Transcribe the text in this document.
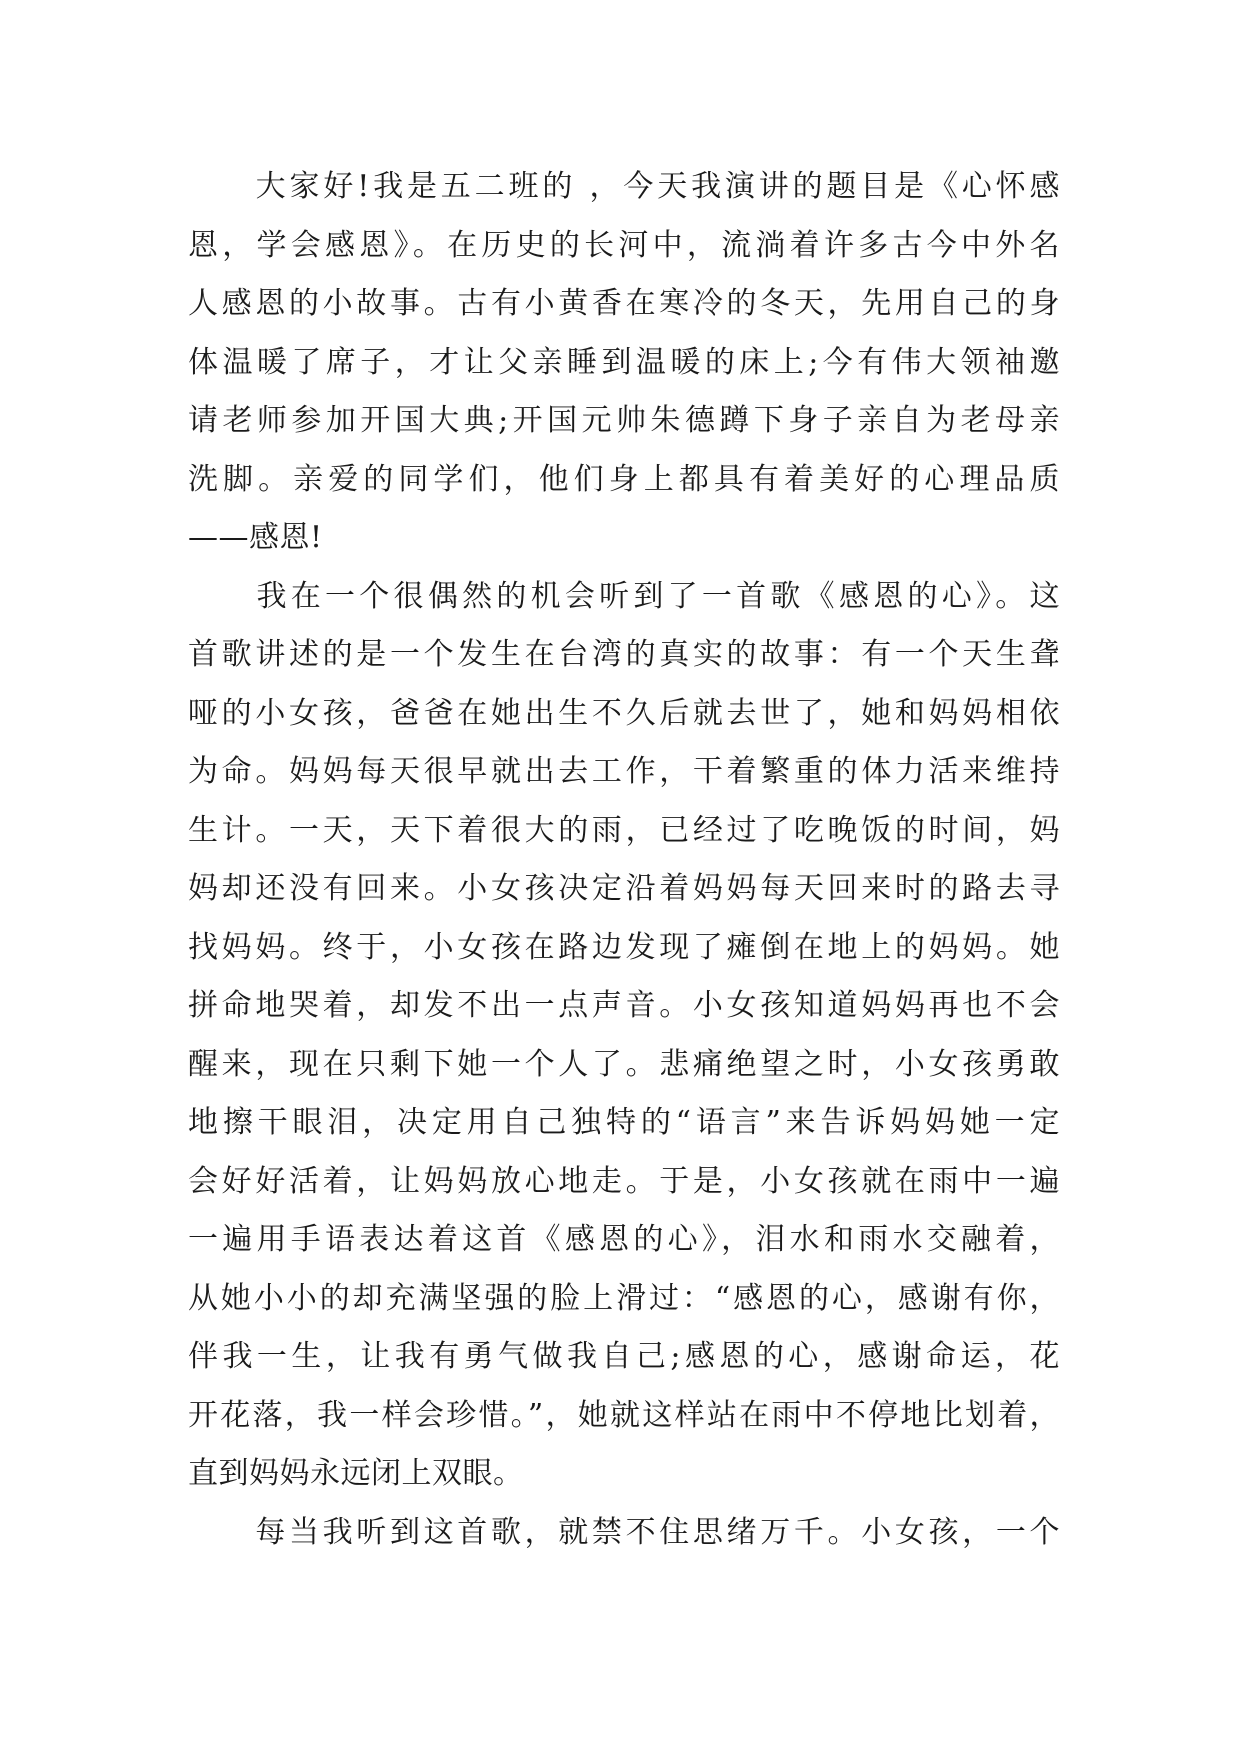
　　大家好!我是五二班的 ，今天我演讲的题目是《心怀感
恩，学会感恩》。在历史的长河中，流淌着许多古今中外名
人感恩的小故事。古有小黄香在寒冷的冬天，先用自己的身
体温暖了席子，才让父亲睡到温暖的床上;今有伟大领袖邀
请老师参加开国大典;开国元帅朱德蹲下身子亲自为老母亲
洗脚。亲爱的同学们，他们身上都具有着美好的心理品质
——感恩!
　　我在一个很偶然的机会听到了一首歌《感恩的心》。这
首歌讲述的是一个发生在台湾的真实的故事：有一个天生聋
哑的小女孩，爸爸在她出生不久后就去世了，她和妈妈相依
为命。妈妈每天很早就出去工作，干着繁重的体力活来维持
生计。一天，天下着很大的雨，已经过了吃晚饭的时间，妈
妈却还没有回来。小女孩决定沿着妈妈每天回来时的路去寻
找妈妈。终于，小女孩在路边发现了瘫倒在地上的妈妈。她
拼命地哭着，却发不出一点声音。小女孩知道妈妈再也不会
醒来，现在只剩下她一个人了。悲痛绝望之时，小女孩勇敢
地擦干眼泪，决定用自己独特的“语言”来告诉妈妈她一定
会好好活着，让妈妈放心地走。于是，小女孩就在雨中一遍
一遍用手语表达着这首《感恩的心》，泪水和雨水交融着，
从她小小的却充满坚强的脸上滑过：“感恩的心，感谢有你，
伴我一生，让我有勇气做我自己;感恩的心，感谢命运，花
开花落，我一样会珍惜。”，她就这样站在雨中不停地比划着，
直到妈妈永远闭上双眼。
　　每当我听到这首歌，就禁不住思绪万千。小女孩，一个
